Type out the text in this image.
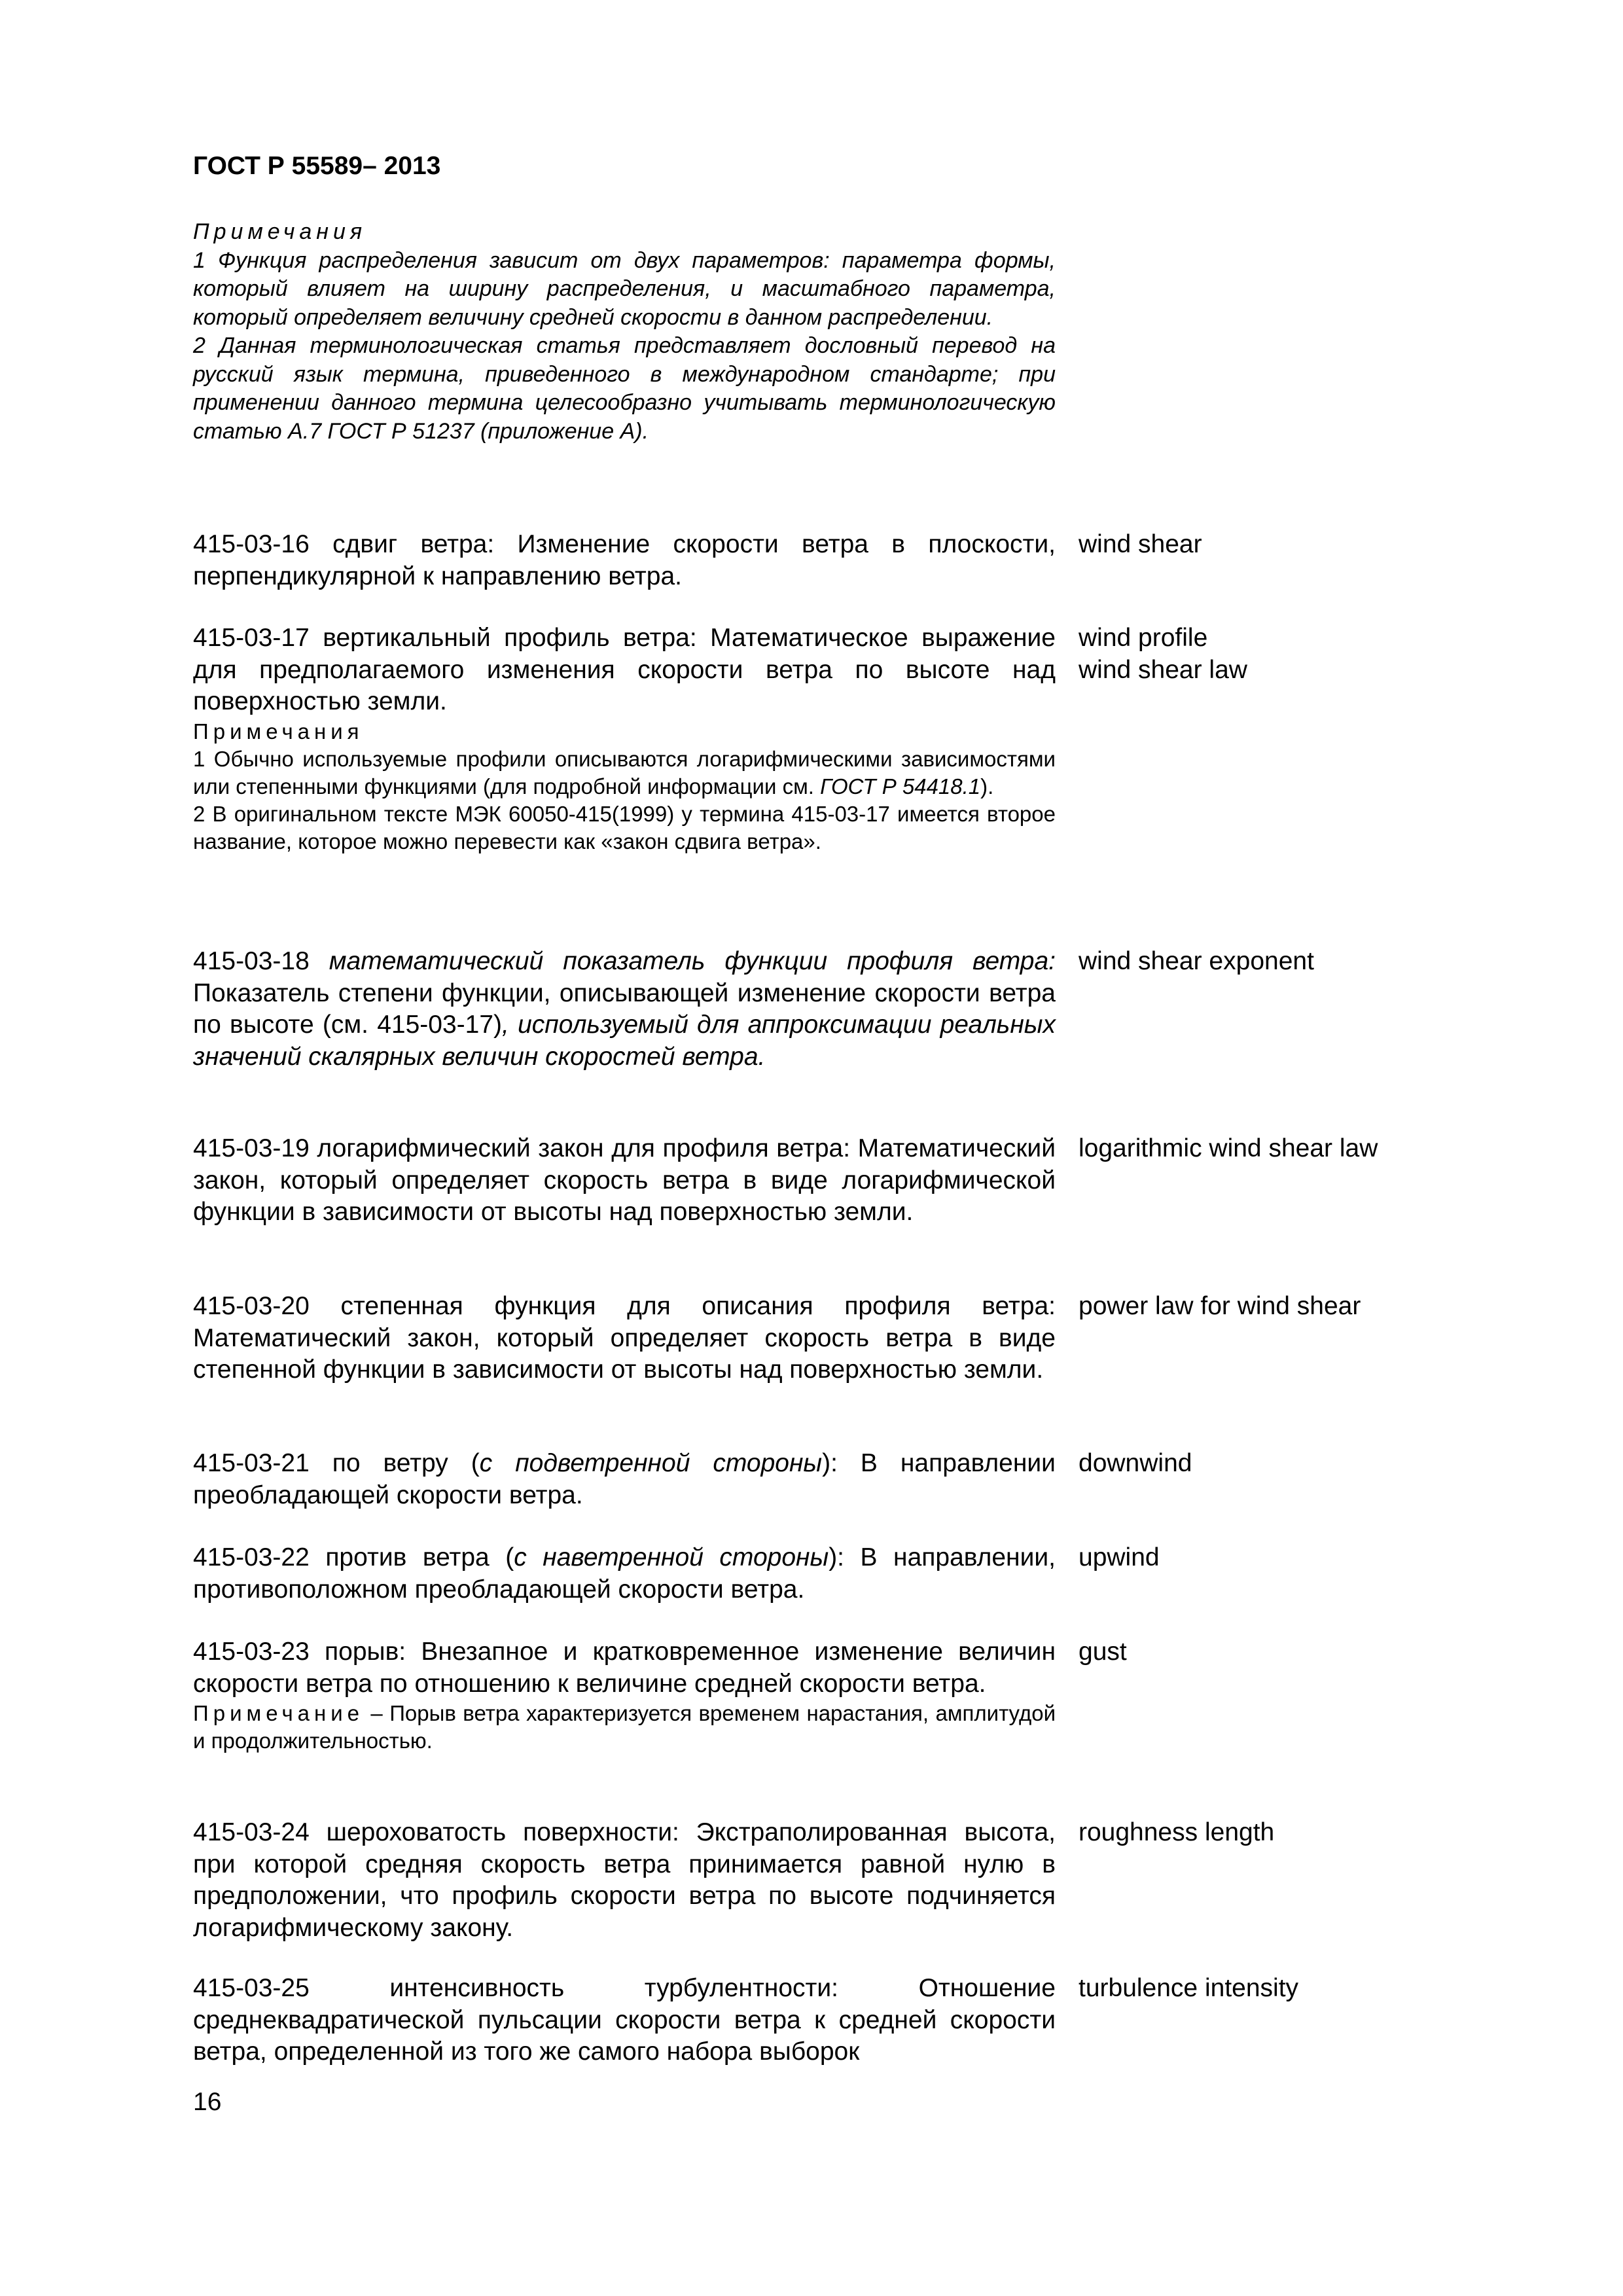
ГОСТ Р 55589– 2013

Примечания

1 Функция распределения зависит от двух параметров: параметра формы, который влияет на ширину распределения, и масштабного параметра, который определяет величину средней скорости в данном распределении.

2 Данная терминологическая статья представляет дословный перевод на русский язык термина, приведенного в международном стандарте; при применении данного термина целесообразно учитывать терминологическую статью А.7 ГОСТ Р 51237 (приложение А).

415-03-16 сдвиг ветра: Изменение скорости ветра в плоскости, перпендикулярной к направлению ветра.
wind shear
415-03-17 вертикальный профиль ветра: Математическое выражение для предполагаемого изменения скорости ветра по высоте над поверхностью земли.
Примечания
1 Обычно используемые профили описываются логарифмическими зависимостями или степенными функциями (для подробной информации см. ГОСТ Р 54418.1).
2 В оригинальном тексте МЭК 60050-415(1999) у термина 415-03-17 имеется второе название, которое можно перевести как «закон сдвига ветра».
wind profile
wind shear law
415-03-18 математический показатель функции профиля ветра: Показатель степени функции, описывающей изменение скорости ветра по высоте (см. 415-03-17), используемый для аппроксимации реальных значений скалярных величин скоростей ветра.
wind shear exponent
415-03-19 логарифмический закон для профиля ветра: Математический закон, который определяет скорость ветра в виде логарифмической функции в зависимости от высоты над поверхностью земли.
logarithmic wind shear law
415-03-20 степенная функция для описания профиля ветра: Математический закон, который определяет скорость ветра в виде степенной функции в зависимости от высоты над поверхностью земли.
power law for wind shear
415-03-21 по ветру (с подветренной стороны): В направлении преобладающей скорости ветра.
downwind
415-03-22 против ветра (с наветренной стороны): В направлении, противоположном преобладающей скорости ветра.
upwind
415-03-23 порыв: Внезапное и кратковременное изменение величин скорости ветра по отношению к величине средней скорости ветра.
Примечание – Порыв ветра характеризуется временем нарастания, амплитудой и продолжительностью.
gust
415-03-24 шероховатость поверхности: Экстраполированная высота, при которой средняя скорость ветра принимается равной нулю в предположении, что профиль скорости ветра по высоте подчиняется логарифмическому закону.
roughness length
415-03-25 интенсивность турбулентности: Отношение среднеквадратической пульсации скорости ветра к средней скорости ветра, определенной из того же самого набора выборок
turbulence intensity
16
